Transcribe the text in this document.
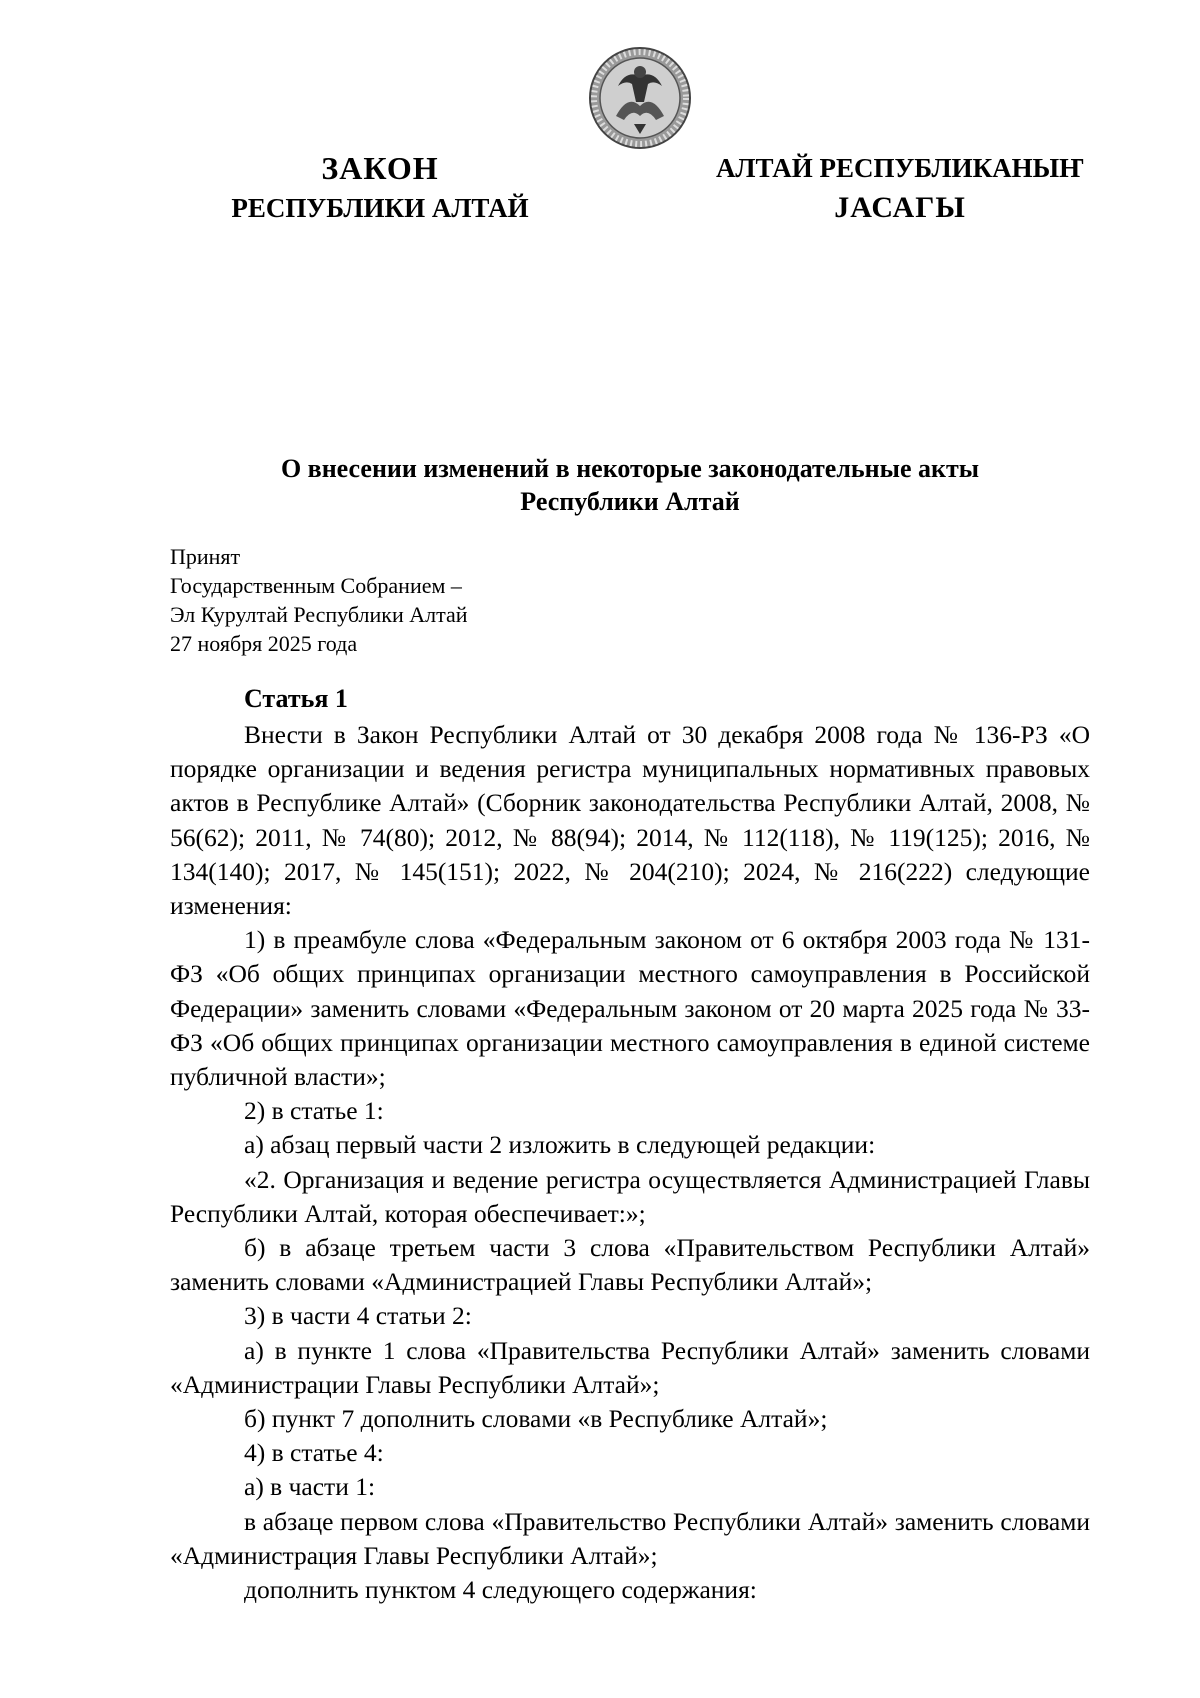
ЗАКОН
РЕСПУБЛИКИ АЛТАЙ
АЛТАЙ РЕСПУБЛИКАНЫҤ
ЈАСАГЫ
О внесении изменений в некоторые законодательные акты
Республики Алтай
Принят
Государственным Собранием –
Эл Курултай Республики Алтай
27 ноября 2025 года
Статья 1

Внести в Закон Республики Алтай от 30 декабря 2008 года № 136-РЗ «О порядке организации и ведения регистра муниципальных нормативных правовых актов в Республике Алтай» (Сборник законодательства Республики Алтай, 2008, № 56(62); 2011, № 74(80); 2012, № 88(94); 2014, № 112(118), № 119(125); 2016, № 134(140); 2017, № 145(151); 2022, № 204(210); 2024, № 216(222) следующие изменения:

1) в преамбуле слова «Федеральным законом от 6 октября 2003 года № 131-ФЗ «Об общих принципах организации местного самоуправления в Российской Федерации» заменить словами «Федеральным законом от 20 марта 2025 года № 33-ФЗ «Об общих принципах организации местного самоуправления в единой системе публичной власти»;

2) в статье 1:

а) абзац первый части 2 изложить в следующей редакции:

«2. Организация и ведение регистра осуществляется Администрацией Главы Республики Алтай, которая обеспечивает:»;

б) в абзаце третьем части 3 слова «Правительством Республики Алтай» заменить словами «Администрацией Главы Республики Алтай»;

3) в части 4 статьи 2:

а) в пункте 1 слова «Правительства Республики Алтай» заменить словами «Администрации Главы Республики Алтай»;

б) пункт 7 дополнить словами «в Республике Алтай»;

4) в статье 4:

а) в части 1:

в абзаце первом слова «Правительство Республики Алтай» заменить словами «Администрация Главы Республики Алтай»;

дополнить пунктом 4 следующего содержания:
